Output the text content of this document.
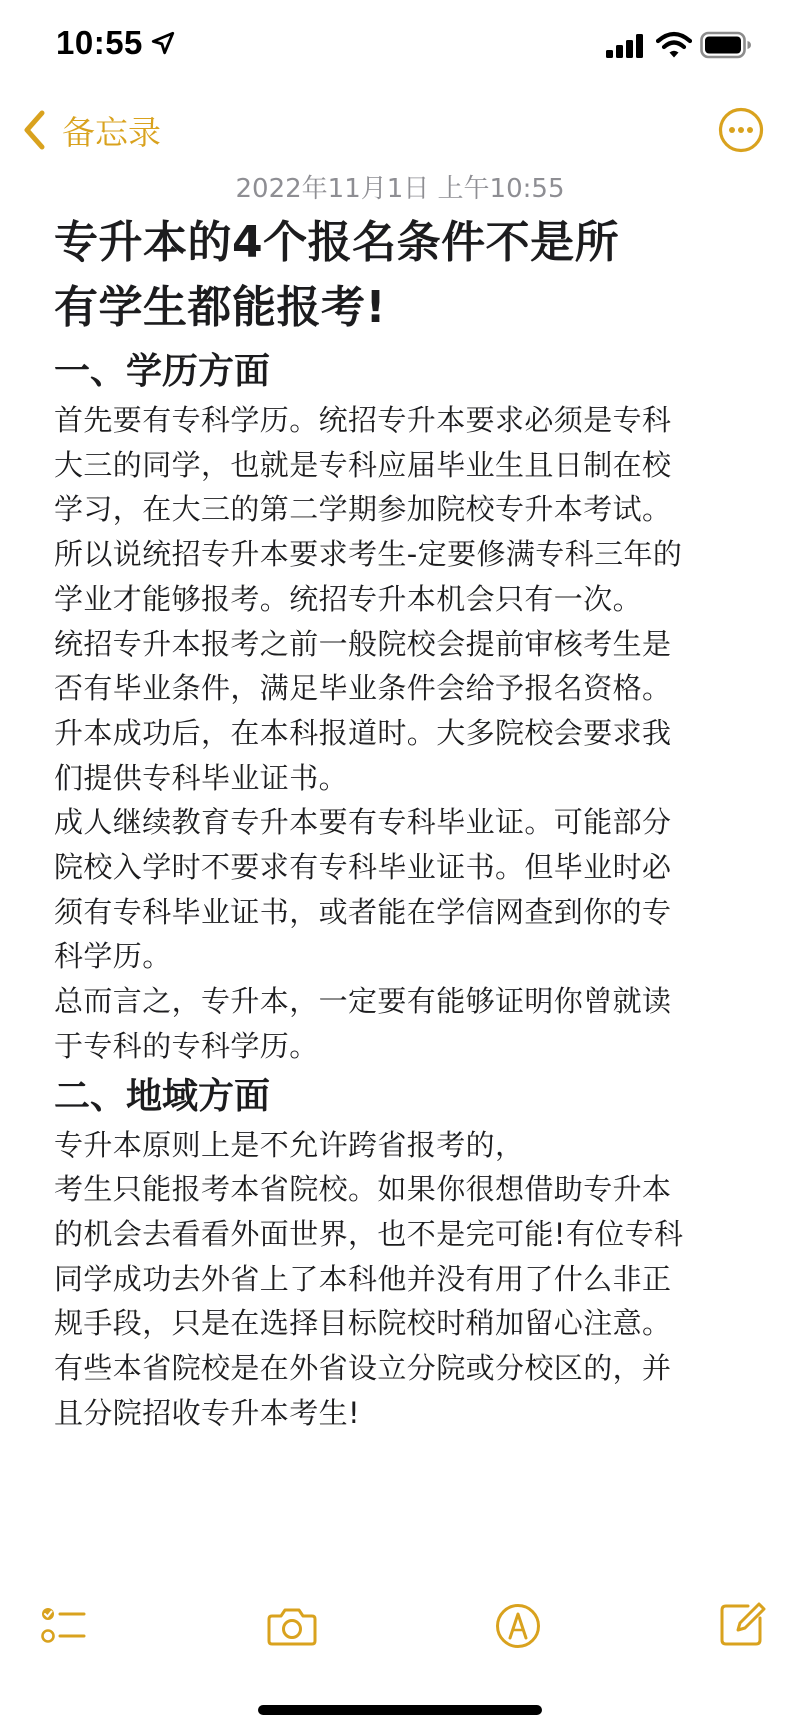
10:55
备忘录
2022年11月1日 上午10:55
专升本的4个报名条件不是所
有学生都能报考!
一、学历方面
首先要有专科学历。统招专升本要求必须是专科
大三的同学，也就是专科应届毕业生且日制在校
学习，在大三的第二学期参加院校专升本考试。
所以说统招专升本要求考生-定要修满专科三年的
学业才能够报考。统招专升本机会只有一次。
统招专升本报考之前一般院校会提前审核考生是
否有毕业条件，满足毕业条件会给予报名资格。
升本成功后，在本科报道时。大多院校会要求我
们提供专科毕业证书。
成人继续教育专升本要有专科毕业证。可能部分
院校入学时不要求有专科毕业证书。但毕业时必
须有专科毕业证书，或者能在学信网查到你的专
科学历。
总而言之，专升本，一定要有能够证明你曾就读
于专科的专科学历。
二、地域方面
专升本原则上是不允许跨省报考的，
考生只能报考本省院校。如果你很想借助专升本
的机会去看看外面世界，也不是完可能!有位专科
同学成功去外省上了本科他并没有用了什么非正
规手段，只是在选择目标院校时稍加留心注意。
有些本省院校是在外省设立分院或分校区的，并
且分院招收专升本考生!
